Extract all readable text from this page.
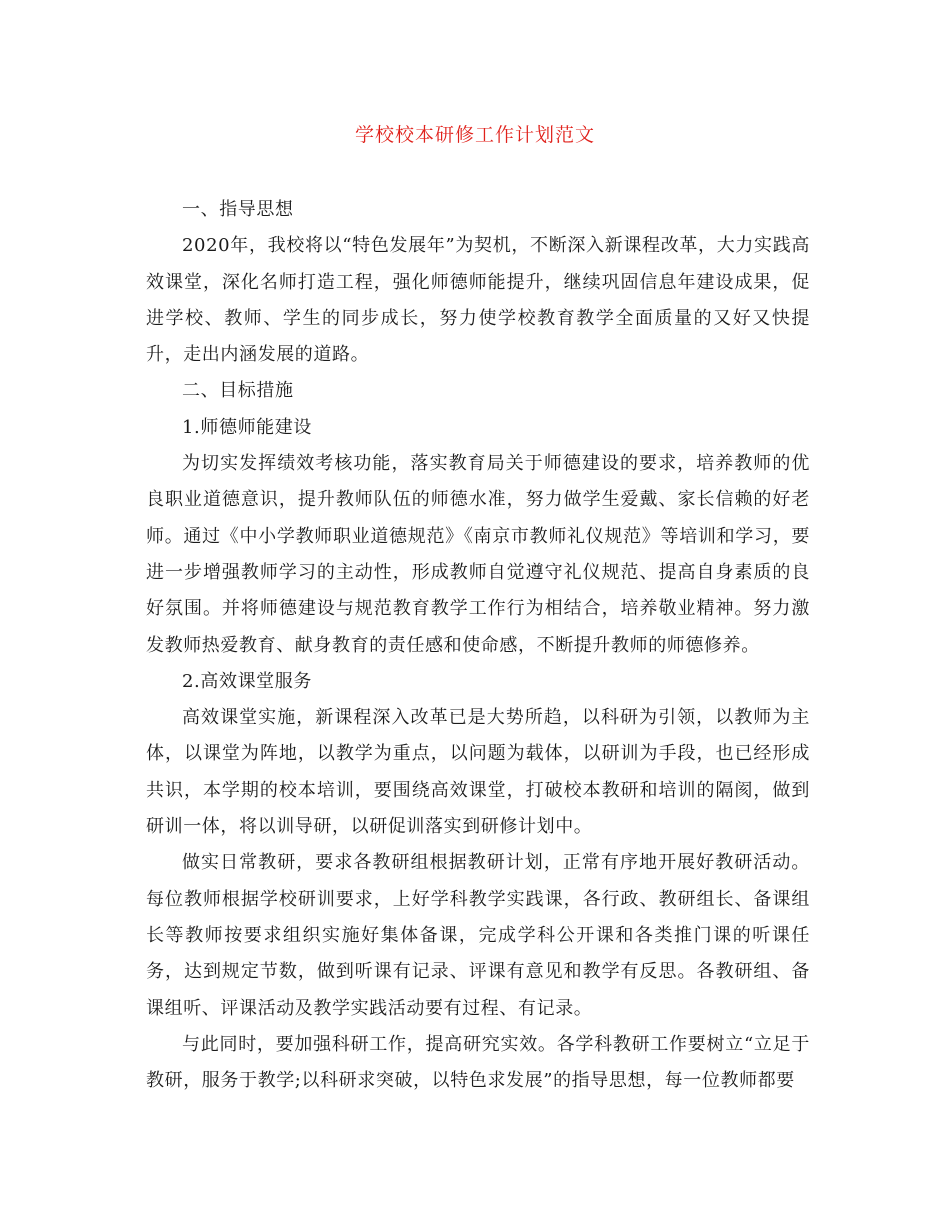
学校校本研修工作计划范文

一、指导思想

2020年，我校将以“特色发展年”为契机，不断深入新课程改革，大力实践高效课堂，深化名师打造工程，强化师德师能提升，继续巩固信息年建设成果，促进学校、教师、学生的同步成长，努力使学校教育教学全面质量的又好又快提升，走出内涵发展的道路。

二、目标措施

1.师德师能建设

为切实发挥绩效考核功能，落实教育局关于师德建设的要求，培养教师的优良职业道德意识，提升教师队伍的师德水准，努力做学生爱戴、家长信赖的好老师。通过《中小学教师职业道德规范》《南京市教师礼仪规范》等培训和学习，要进一步增强教师学习的主动性，形成教师自觉遵守礼仪规范、提高自身素质的良好氛围。并将师德建设与规范教育教学工作行为相结合，培养敬业精神。努力激发教师热爱教育、献身教育的责任感和使命感，不断提升教师的师德修养。

2.高效课堂服务

高效课堂实施，新课程深入改革已是大势所趋，以科研为引领，以教师为主体，以课堂为阵地，以教学为重点，以问题为载体，以研训为手段，也已经形成共识，本学期的校本培训，要围绕高效课堂，打破校本教研和培训的隔阂，做到研训一体，将以训导研，以研促训落实到研修计划中。

做实日常教研，要求各教研组根据教研计划，正常有序地开展好教研活动。每位教师根据学校研训要求，上好学科教学实践课，各行政、教研组长、备课组长等教师按要求组织实施好集体备课，完成学科公开课和各类推门课的听课任务，达到规定节数，做到听课有记录、评课有意见和教学有反思。各教研组、备课组听、评课活动及教学实践活动要有过程、有记录。

与此同时，要加强科研工作，提高研究实效。各学科教研工作要树立“立足于教研，服务于教学;以科研求突破，以特色求发展”的指导思想，每一位教师都要
